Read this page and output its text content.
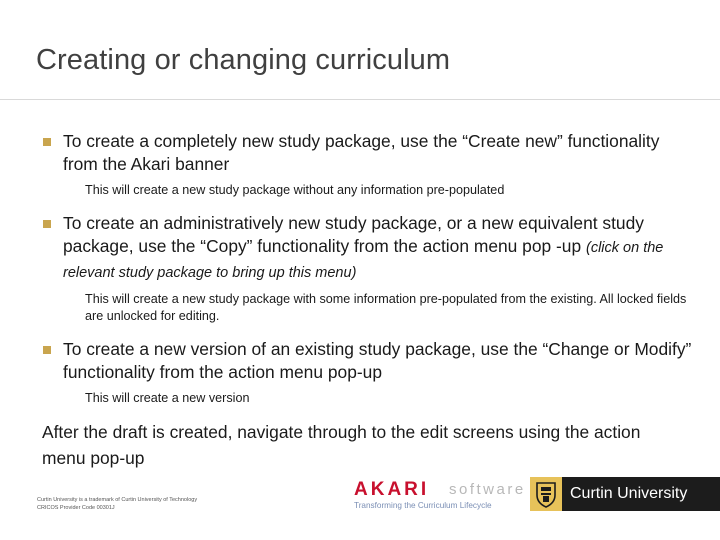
Creating or changing curriculum
To create a completely new study package, use the “Create new” functionality from the Akari banner
This will create a new study package without any information pre-populated
To create an administratively new study package, or a new equivalent study package, use the “Copy” functionality from the action menu pop -up (click on the relevant study package to bring up this menu)
This will create a new study package with some information pre-populated from the existing. All locked fields are unlocked for editing.
To create a new version of an existing study package, use the “Change or Modify” functionality from the action menu pop-up
This will create a new version
After the draft is created, navigate through to the edit screens using the action menu pop-up
Curtin University is a trademark of Curtin University of Technology
CRICOS Provider Code 00301J
AKARI software
Transforming the Curriculum Lifecycle
Curtin University
